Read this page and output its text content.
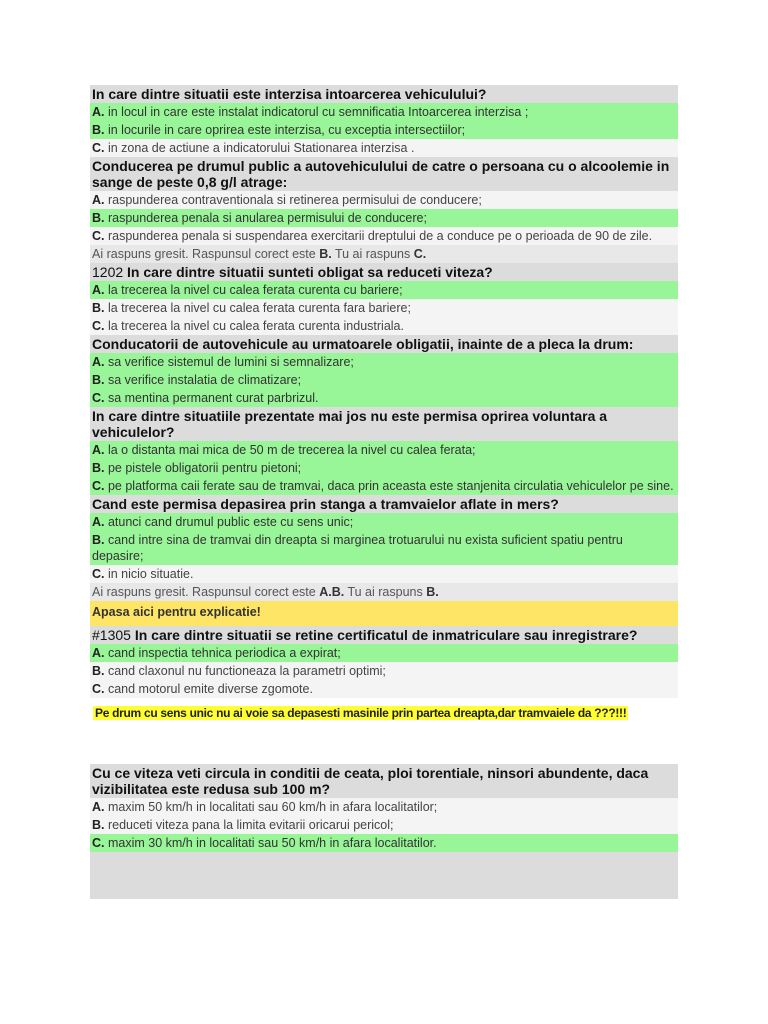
In care dintre situatii este interzisa intoarcerea vehiculului?
A. in locul in care este instalat indicatorul cu semnificatia Intoarcerea interzisa ;
B. in locurile in care oprirea este interzisa, cu exceptia intersectiilor;
C. in zona de actiune a indicatorului Stationarea interzisa .
Conducerea pe drumul public a autovehiculului de catre o persoana cu o alcoolemie in sange de peste 0,8 g/l atrage:
A. raspunderea contraventionala si retinerea permisului de conducere;
B. raspunderea penala si anularea permisului de conducere;
C. raspunderea penala si suspendarea exercitarii dreptului de a conduce pe o perioada de 90 de zile.
Ai raspuns gresit. Raspunsul corect este B. Tu ai raspuns C.
1202 In care dintre situatii sunteti obligat sa reduceti viteza?
A. la trecerea la nivel cu calea ferata curenta cu bariere;
B. la trecerea la nivel cu calea ferata curenta fara bariere;
C. la trecerea la nivel cu calea ferata curenta industriala.
Conducatorii de autovehicule au urmatoarele obligatii, inainte de a pleca la drum:
A. sa verifice sistemul de lumini si semnalizare;
B. sa verifice instalatia de climatizare;
C. sa mentina permanent curat parbrizul.
In care dintre situatiile prezentate mai jos nu este permisa oprirea voluntara a vehiculelor?
A. la o distanta mai mica de 50 m de trecerea la nivel cu calea ferata;
B. pe pistele obligatorii pentru pietoni;
C. pe platforma caii ferate sau de tramvai, daca prin aceasta este stanjenita circulatia vehiculelor pe sine.
Cand este permisa depasirea prin stanga a tramvaielor aflate in mers?
A. atunci cand drumul public este cu sens unic;
B. cand intre sina de tramvai din dreapta si marginea trotuarului nu exista suficient spatiu pentru depasire;
C. in nicio situatie.
Ai raspuns gresit. Raspunsul corect este A.B. Tu ai raspuns B.
Apasa aici pentru explicatie!
#1305 In care dintre situatii se retine certificatul de inmatriculare sau inregistrare?
A. cand inspectia tehnica periodica a expirat;
B. cand claxonul nu functioneaza la parametri optimi;
C. cand motorul emite diverse zgomote.
Pe drum cu sens unic nu ai voie sa depasesti masinile prin partea dreapta,dar tramvaiele da ???!!!
Cu ce viteza veti circula in conditii de ceata, ploi torentiale, ninsori abundente, daca vizibilitatea este redusa sub 100 m?
A. maxim 50 km/h in localitati sau 60 km/h in afara localitatilor;
B. reduceti viteza pana la limita evitarii oricarui pericol;
C. maxim 30 km/h in localitati sau 50 km/h in afara localitatilor.
